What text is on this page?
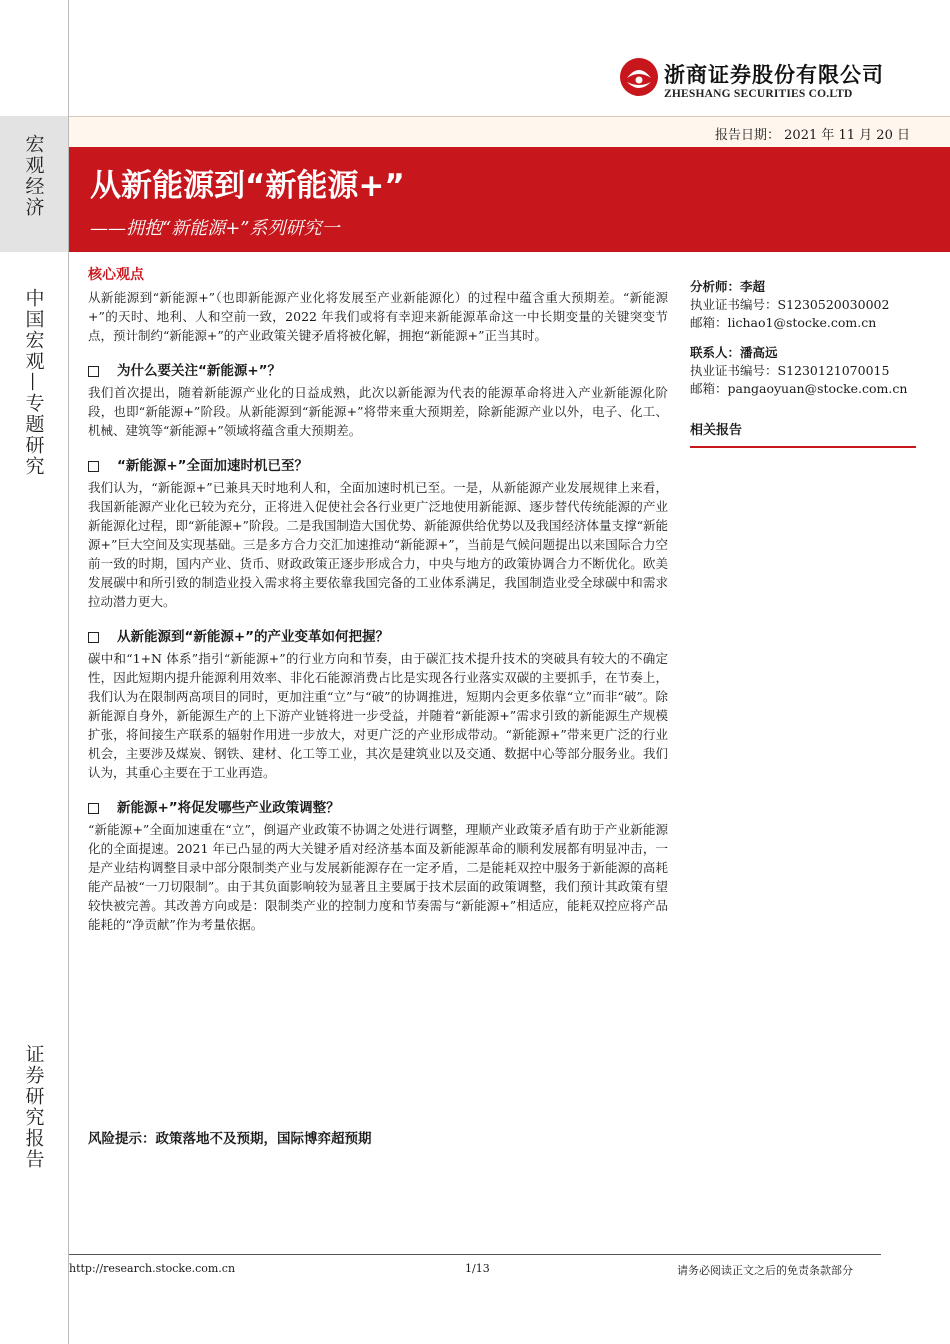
宏观经济
中国宏观—专题研究
证券研究报告
浙商证券股份有限公司
ZHESHANG SECURITIES CO.LTD
报告日期： 2021 年 11 月 20 日
从新能源到“新能源+”
——拥抱“新能源+”系列研究一
核心观点

从新能源到“新能源+”（也即新能源产业化将发展至产业新能源化）的过程中蕴含重大预期差。“新能源+”的天时、地利、人和空前一致，2022 年我们或将有幸迎来新能源革命这一中长期变量的关键突变节点，预计制约“新能源+”的产业政策关键矛盾将被化解，拥抱“新能源+”正当其时。

为什么要关注“新能源+”？

我们首次提出，随着新能源产业化的日益成熟，此次以新能源为代表的能源革命将进入产业新能源化阶段，也即“新能源+”阶段。从新能源到“新能源+”将带来重大预期差，除新能源产业以外，电子、化工、机械、建筑等“新能源+”领域将蕴含重大预期差。

“新能源+”全面加速时机已至？

我们认为，“新能源+”已兼具天时地利人和，全面加速时机已至。一是，从新能源产业发展规律上来看，我国新能源产业化已较为充分，正将进入促使社会各行业更广泛地使用新能源、逐步替代传统能源的产业新能源化过程，即“新能源+”阶段。二是我国制造大国优势、新能源供给优势以及我国经济体量支撑“新能源+”巨大空间及实现基础。三是多方合力交汇加速推动“新能源+”，当前是气候问题提出以来国际合力空前一致的时期，国内产业、货币、财政政策正逐步形成合力，中央与地方的政策协调合力不断优化。欧美发展碳中和所引致的制造业投入需求将主要依靠我国完备的工业体系满足，我国制造业受全球碳中和需求拉动潜力更大。

从新能源到“新能源+”的产业变革如何把握？

碳中和“1+N 体系”指引“新能源+”的行业方向和节奏，由于碳汇技术提升技术的突破具有较大的不确定性，因此短期内提升能源利用效率、非化石能源消费占比是实现各行业落实双碳的主要抓手，在节奏上，我们认为在限制两高项目的同时，更加注重“立”与“破”的协调推进，短期内会更多依靠“立”而非“破”。除新能源自身外，新能源生产的上下游产业链将进一步受益，并随着“新能源+”需求引致的新能源生产规模扩张，将间接生产联系的辐射作用进一步放大，对更广泛的产业形成带动。“新能源+”带来更广泛的行业机会，主要涉及煤炭、钢铁、建材、化工等工业，其次是建筑业以及交通、数据中心等部分服务业。我们认为，其重心主要在于工业再造。

新能源+”将促发哪些产业政策调整？

“新能源+”全面加速重在“立”，倒逼产业政策不协调之处进行调整，理顺产业政策矛盾有助于产业新能源化的全面提速。2021 年已凸显的两大关键矛盾对经济基本面及新能源革命的顺利发展都有明显冲击，一是产业结构调整目录中部分限制类产业与发展新能源存在一定矛盾，二是能耗双控中服务于新能源的高耗能产品被“一刀切限制”。由于其负面影响较为显著且主要属于技术层面的政策调整，我们预计其政策有望较快被完善。其改善方向或是：限制类产业的控制力度和节奏需与“新能源+”相适应，能耗双控应将产品能耗的“净贡献”作为考量依据。

风险提示：政策落地不及预期，国际博弈超预期
分析师：李超
执业证书编号：S1230520030002
邮箱：lichao1@stocke.com.cn
联系人：潘高远
执业证书编号：S1230121070015
邮箱：pangaoyuan@stocke.com.cn
相关报告
http://research.stocke.com.cn	1/13	请务必阅读正文之后的免责条款部分
